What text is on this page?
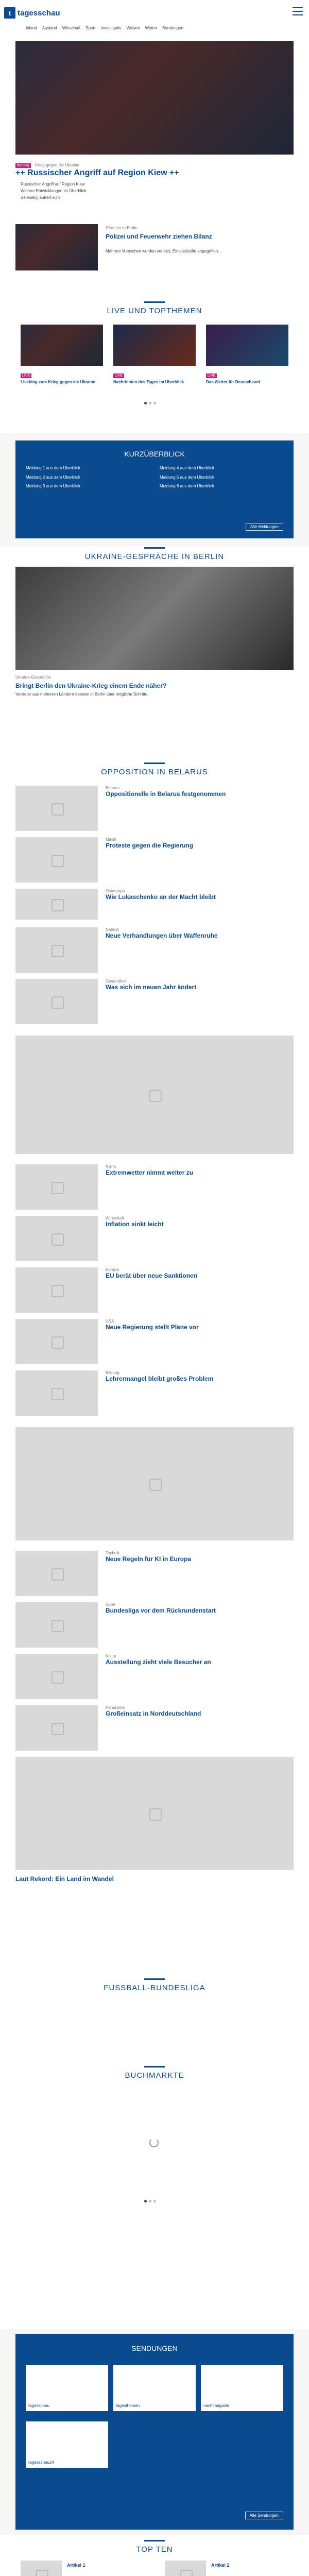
t tagesschau
Inland Ausland Wirtschaft Sport Investigativ Wissen Wetter Sendungen
liveblog Krieg gegen die Ukraine
++ Russischer Angriff auf Region Kiew ++
Russischer Angriff auf Region Kiew
Weitere Entwicklungen im Überblick
Selenskyj äußert sich
Silvester in Berlin
Polizei und Feuerwehr ziehen Bilanz
Mehrere Menschen wurden verletzt, Einsatzkräfte angegriffen.
LIVE UND TOPTHEMEN
LIVE
Liveblog zum Krieg gegen die Ukraine
LIVE
Nachrichten des Tages im Überblick
LIVE
Das Wetter für Deutschland
KURZÜBERBLICK
Meldung 1 aus dem Überblick
Meldung 2 aus dem Überblick
Meldung 3 aus dem Überblick
Meldung 4 aus dem Überblick
Meldung 5 aus dem Überblick
Meldung 6 aus dem Überblick
Alle Meldungen
UKRAINE-GESPRÄCHE IN BERLIN
Ukraine-Gespräche
Bringt Berlin den Ukraine-Krieg einem Ende näher?
Vertreter aus mehreren Ländern beraten in Berlin über mögliche Schritte.
OPPOSITION IN BELARUS
Belarus
Oppositionelle in Belarus festgenommen
Minsk
Proteste gegen die Regierung
Osteuropa
Wie Lukaschenko an der Macht bleibt
Nahost
Neue Verhandlungen über Waffenruhe
Gesundheit
Was sich im neuen Jahr ändert
Klima
Extremwetter nimmt weiter zu
Wirtschaft
Inflation sinkt leicht
Europa
EU berät über neue Sanktionen
USA
Neue Regierung stellt Pläne vor
Bildung
Lehrermangel bleibt großes Problem
Technik
Neue Regeln für KI in Europa
Sport
Bundesliga vor dem Rückrundenstart
Kultur
Ausstellung zieht viele Besucher an
Panorama
Großeinsatz in Norddeutschland
Laut Rekord: Ein Land im Wandel
FUSSBALL-BUNDESLIGA
BUCHMARKTE
SENDUNGEN
tagesschau	tagesthemen	nachtmagazin
tagesschau24
Alle Sendungen
TOP TEN
Artikel 1	Artikel 2
